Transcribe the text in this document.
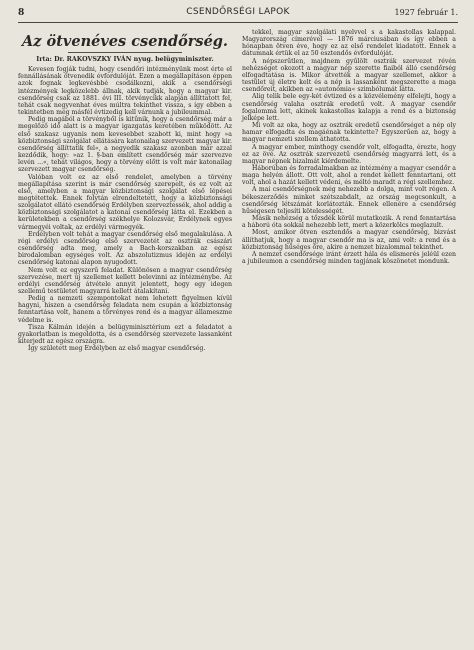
8	CSENDŐRSÉGI LAPOK	1927 február 1.
Az ötvenéves csendőrség.
Irta: Dr. RAKOVSZKY IVÁN nyug. belügyminiszter.

Kevesen fogják tudni, hogy csendőri intézményünk most érte el fennállásának ötvenedik évfordulóját. Ezen a megállapításon éppen azok fognak legkevésbbé csodálkozni, akik a csendőrségi intézmények legközelebb állnak, akik tudják, hogy a magyar kir. csendőrség csak az 1881. évi III. törvénycikk alapján állíttatott fel, tehát csak negyvenhat éves múltra tekinthet vissza, s így ebben a tekintetben még másfél évtizedig kell várnunk a jubileummal.

Pedig magából a törvényből is kitűnik, hogy a csendőrség már a megelőző idő alatt is a magyar igazgatás keretében működött. Az első szakasz ugyanis nem kevesebbet szabott ki, mint hogy »a közbiztonsági szolgálat ellátására katonailag szervezett magyar kir. csendőrség állíttatik fel«, a negyedik szakasz azonban már azzal kezdődik, hogy: »az 1. §-ban említett csendőrség már szervezve levén ...«, tehát világos, hogy a törvény előtt is volt már katonailag szervezett magyar csendőrség.

Valóban volt ez az első rendelet, amelyben a törvény megállapítása szerint is már csendőrség szerepelt, és ez volt az első, amelyben a magyar közbiztonsági szolgálat első lépései megtétettek. Ennek folytán elrendeltetett, hogy a közbiztonsági szolgálatot ellátó csendőrség Erdélyben szerveztessék, ahol addig a közbiztonsági szolgálatot a katonai csendőrség látta el. Ezekben a kerületekben a csendőrség székhelye Kolozsvár, Erdélynek egyes vármegyéi voltak, az erdélyi vármegyék.

Erdélyben volt tehát a magyar csendőrség első megalakulása. A régi erdélyi csendőrség első szervezetét az osztrák császári csendőrség adta meg, amely a Bach-korszakban az egész birodalomban egységes volt. Az abszolutizmus idején az erdélyi csendőrség katonai alapon nyugodott.

Nem volt ez egyszerű feladat. Különösen a magyar csendőrség szervezése, mert új szellemet kellett belevinni az intézménybe. Az erdélyi csendőrség átvétele annyit jelentett, hogy egy idegen szellemű testületet magyarrá kellett átalakítani.

Pedig a nemzeti szempontokat nem lehetett figyelmen kívül hagyni, hiszen a csendőrség feladata nem csupán a közbiztonság fenntartása volt, hanem a törvényes rend és a magyar állameszme védelme is.

Tisza Kálmán idején a belügyminisztérium ezt a feladatot a gyakorlatban is megoldotta, és a csendőrség szervezete lassanként kiterjedt az egész országra.

Így született meg Erdélyben az első magyar csendőrség.

tekkel, magyar szolgálati nyelvvel s a kakastollas kalappal. Magyarország címerével — 1876 márciusában és így ebben a hónapban ötven éve, hogy ez az első rendelet kiadatott. Ennek a dátumnak értük el az 50 esztendős évfordulóját.

A népszerűtlen, majdnem gyűlölt osztrák szervezet révén nehézséget okozott a magyar nép szerette fiaiból álló csendőrség elfogadtatása is. Mikor átvették a magyar szellemet, akkor a testület új életre kelt és a nép is lassanként megszerette a maga csendőreit, akikben az »autonómia« szimbólumát látta.

Alig telik bele egy-két évtized és a közvélemény elfelejti, hogy a csendőrség valaha osztrák eredetű volt. A magyar csendőr fogalommá lett, akinek kakastollas kalapja a rend és a biztonság jelképe lett.

Mi volt az oka, hogy az osztrák eredetű csendőrséget a nép oly hamar elfogadta és magáénak tekintette? Egyszerűen az, hogy a magyar nemzeti szellem áthatotta.

A magyar ember, minthogy csendőr volt, elfogadta, érezte, hogy ez az övé. Az osztrák szervezetű csendőrség magyarrá lett, és a magyar népnek bizalmát kiérdemelte.

Háborúban és forradalmakban az intézmény a magyar csendőr a maga helyén állott. Ott volt, ahol a rendet kellett fenntartani, ott volt, ahol a hazát kellett védeni, és méltó maradt a régi szellemhez.

A mai csendőrségnek még nehezebb a dolga, mint volt régen. A békeszerződés minket szétszabdalt, az ország megcsonkult, a csendőrség létszámát korlátozták. Ennek ellenére a csendőrség hűségesen teljesíti kötelességét.

Másik nehézség a tőzsdék körül mutatkozik. A rend fenntartása a háború óta sokkal nehezebb lett, mert a közerkölcs meglazult.

Most, amikor ötven esztendős a magyar csendőrség, bizvást állíthatjuk, hogy a magyar csendőr ma is az, ami volt: a rend és a közbiztonság hűséges őre, akire a nemzet bizalommal tekinthet.

A nemzet csendőrsége iránt érzett hála és elismerés jeléül ezen a jubileumon a csendőrség minden tagjának köszönetet mondunk.
